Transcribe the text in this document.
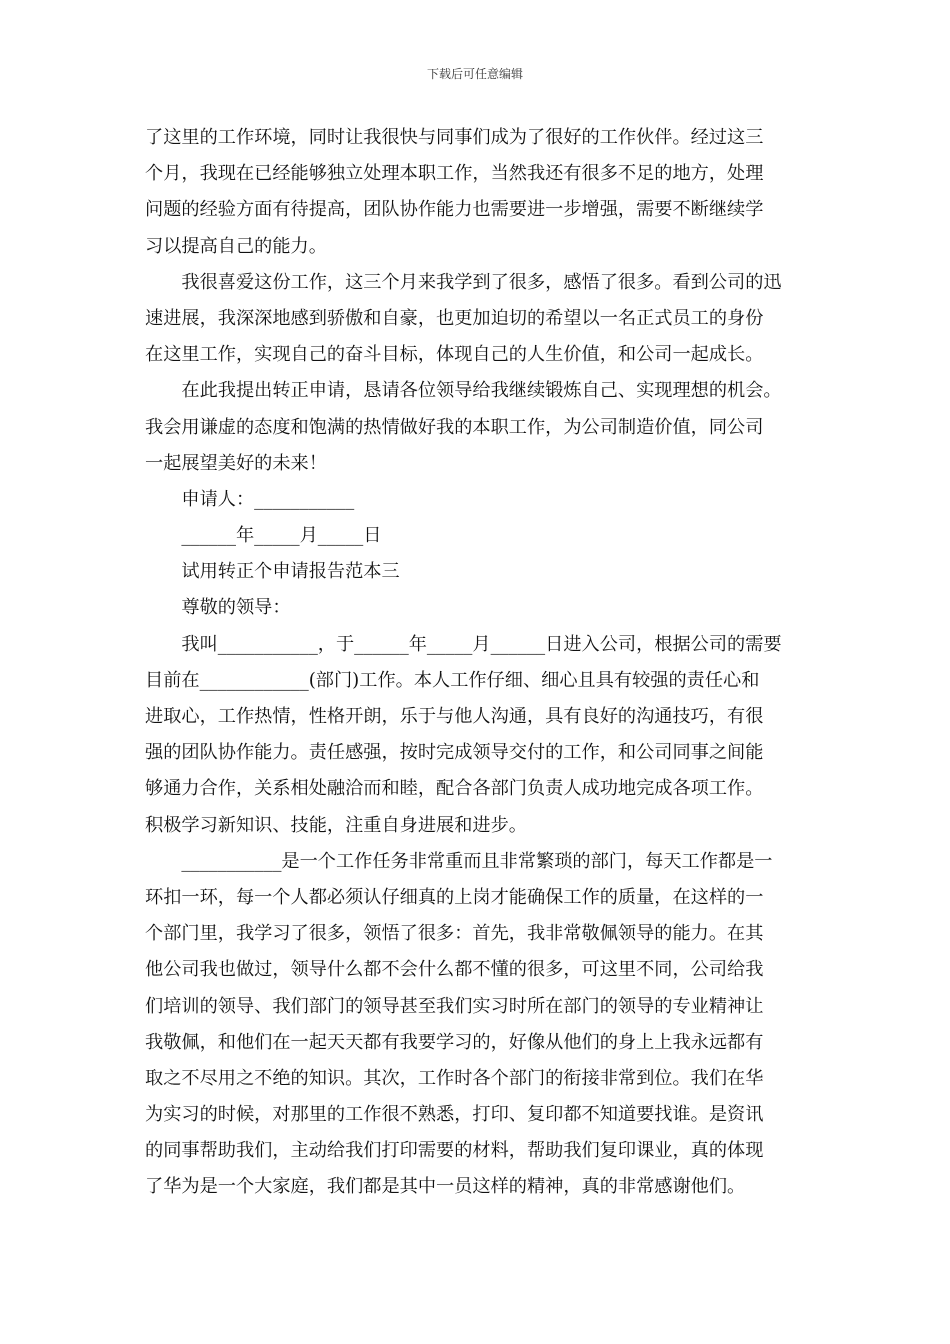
下载后可任意编辑
了这里的工作环境，同时让我很快与同事们成为了很好的工作伙伴。经过这三
个月，我现在已经能够独立处理本职工作，当然我还有很多不足的地方，处理
问题的经验方面有待提高，团队协作能力也需要进一步增强，需要不断继续学
习以提高自己的能力。
　　我很喜爱这份工作，这三个月来我学到了很多，感悟了很多。看到公司的迅
速进展，我深深地感到骄傲和自豪，也更加迫切的希望以一名正式员工的身份
在这里工作，实现自己的奋斗目标，体现自己的人生价值，和公司一起成长。
　　在此我提出转正申请，恳请各位领导给我继续锻炼自己、实现理想的机会。
我会用谦虚的态度和饱满的热情做好我的本职工作，为公司制造价值，同公司
一起展望美好的未来！
　　申请人：___________
　　______年_____月_____日
　　试用转正个申请报告范本三
　　尊敬的领导：
　　我叫___________，于______年_____月______日进入公司，根据公司的需要
目前在____________(部门)工作。本人工作仔细、细心且具有较强的责任心和
进取心，工作热情，性格开朗，乐于与他人沟通，具有良好的沟通技巧，有很
强的团队协作能力。责任感强，按时完成领导交付的工作，和公司同事之间能
够通力合作，关系相处融洽而和睦，配合各部门负责人成功地完成各项工作。
积极学习新知识、技能，注重自身进展和进步。
　　___________是一个工作任务非常重而且非常繁琐的部门，每天工作都是一
环扣一环，每一个人都必须认仔细真的上岗才能确保工作的质量，在这样的一
个部门里，我学习了很多，领悟了很多：首先，我非常敬佩领导的能力。在其
他公司我也做过，领导什么都不会什么都不懂的很多，可这里不同，公司给我
们培训的领导、我们部门的领导甚至我们实习时所在部门的领导的专业精神让
我敬佩，和他们在一起天天都有我要学习的，好像从他们的身上上我永远都有
取之不尽用之不绝的知识。其次，工作时各个部门的衔接非常到位。我们在华
为实习的时候，对那里的工作很不熟悉，打印、复印都不知道要找谁。是资讯
的同事帮助我们，主动给我们打印需要的材料，帮助我们复印课业，真的体现
了华为是一个大家庭，我们都是其中一员这样的精神，真的非常感谢他们。
